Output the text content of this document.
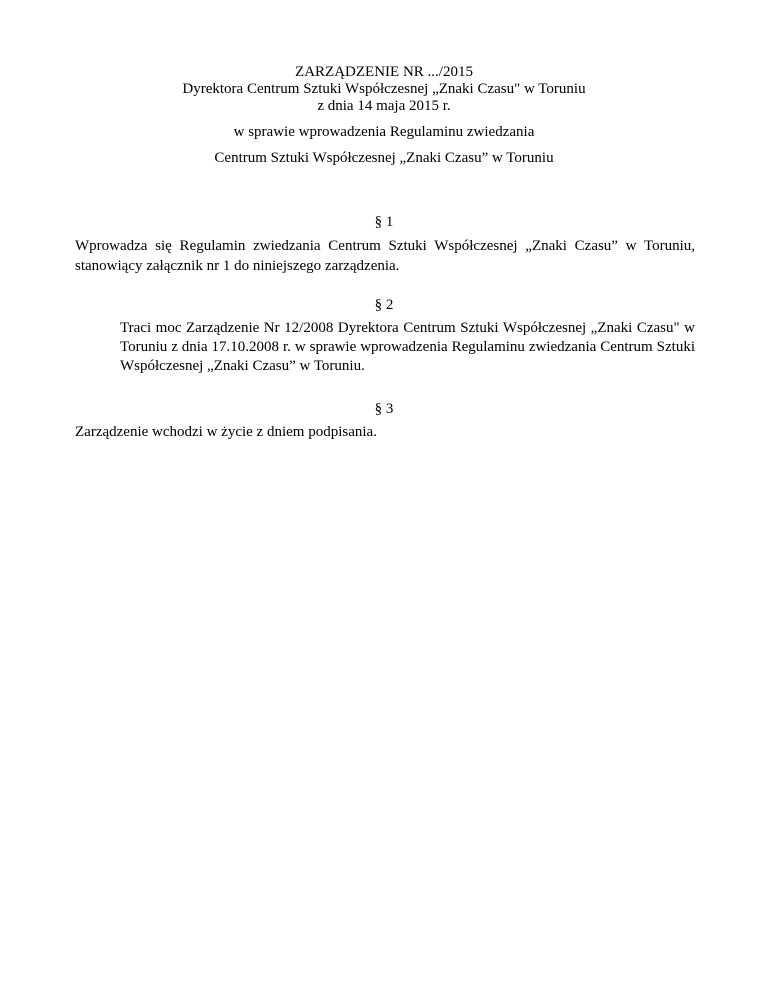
ZARZĄDZENIE NR .../2015
Dyrektora Centrum Sztuki Współczesnej „Znaki Czasu" w Toruniu
z dnia 14 maja 2015 r.
w sprawie wprowadzenia Regulaminu zwiedzania
Centrum Sztuki Współczesnej „Znaki Czasu” w Toruniu
§ 1
Wprowadza się Regulamin zwiedzania Centrum Sztuki Współczesnej „Znaki Czasu” w Toruniu, stanowiący załącznik nr 1 do niniejszego zarządzenia.
§ 2
Traci moc Zarządzenie Nr 12/2008 Dyrektora Centrum Sztuki Współczesnej „Znaki Czasu" w Toruniu z dnia 17.10.2008 r. w sprawie wprowadzenia Regulaminu zwiedzania Centrum Sztuki Współczesnej „Znaki Czasu” w Toruniu.
§ 3
Zarządzenie wchodzi w życie z dniem podpisania.
